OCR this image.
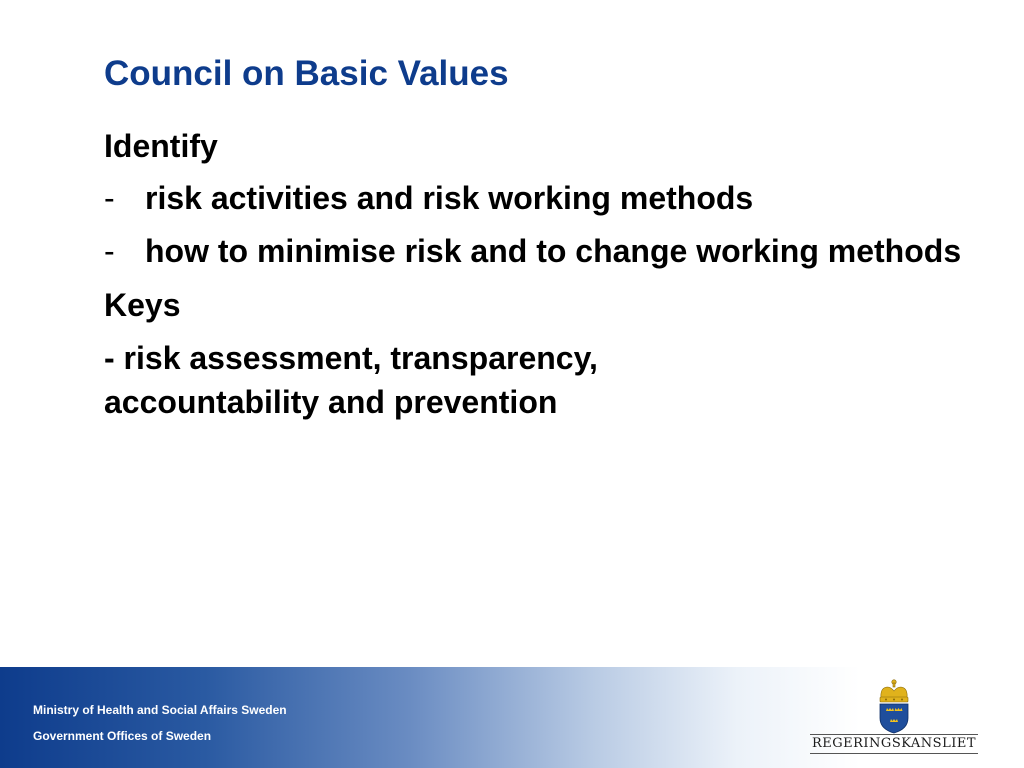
Council on Basic Values

Identify

- risk activities and risk working methods
- how to minimise risk and to change working methods

Keys

- risk assessment, transparency,
accountability and prevention

Ministry of Health and Social Affairs Sweden

Government Offices of Sweden	REGERINGSKANSLIET
